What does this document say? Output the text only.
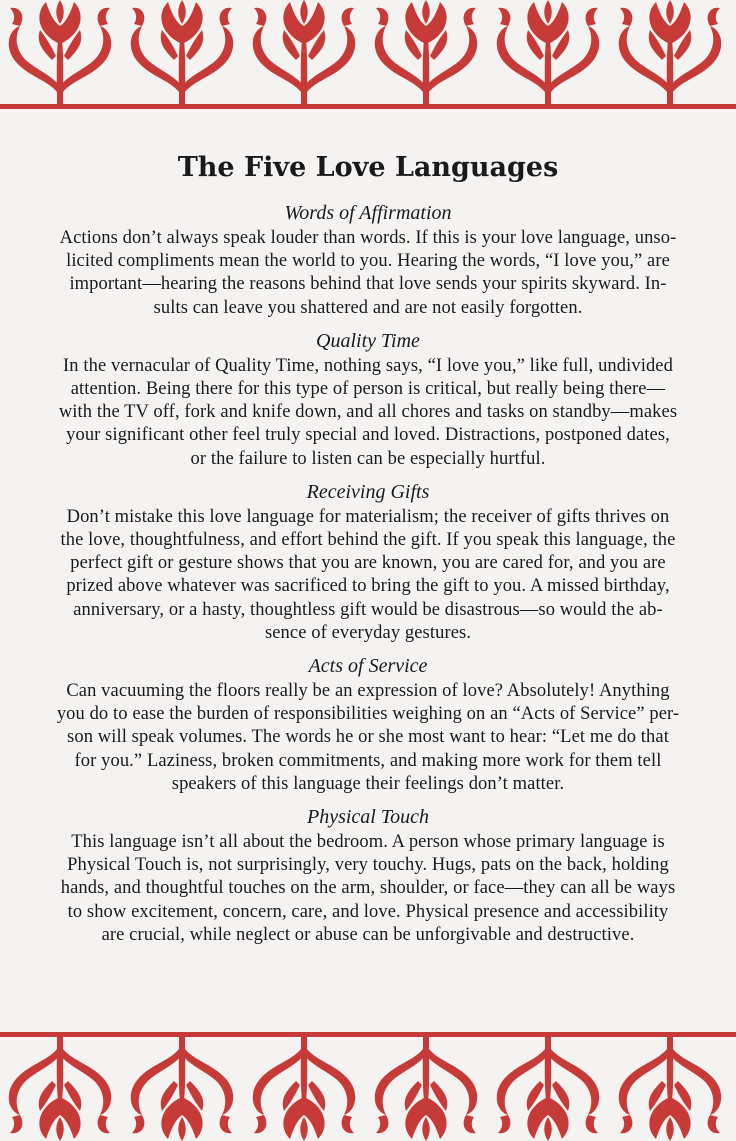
The Five Love Languages

Words of Affirmation

Actions don’t always speak louder than words. If this is your love language, unso-
licited compliments mean the world to you. Hearing the words, “I love you,” are
important—hearing the reasons behind that love sends your spirits skyward. In-
sults can leave you shattered and are not easily forgotten.

Quality Time

In the vernacular of Quality Time, nothing says, “I love you,” like full, undivided
attention. Being there for this type of person is critical, but really being there—
with the TV off, fork and knife down, and all chores and tasks on standby—makes
your significant other feel truly special and loved. Distractions, postponed dates,
or the failure to listen can be especially hurtful.

Receiving Gifts

Don’t mistake this love language for materialism; the receiver of gifts thrives on
the love, thoughtfulness, and effort behind the gift. If you speak this language, the
perfect gift or gesture shows that you are known, you are cared for, and you are
prized above whatever was sacrificed to bring the gift to you. A missed birthday,
anniversary, or a hasty, thoughtless gift would be disastrous—so would the ab-
sence of everyday gestures.

Acts of Service

Can vacuuming the floors really be an expression of love? Absolutely! Anything
you do to ease the burden of responsibilities weighing on an “Acts of Service” per-
son will speak volumes. The words he or she most want to hear: “Let me do that
for you.” Laziness, broken commitments, and making more work for them tell
speakers of this language their feelings don’t matter.

Physical Touch

This language isn’t all about the bedroom. A person whose primary language is
Physical Touch is, not surprisingly, very touchy. Hugs, pats on the back, holding
hands, and thoughtful touches on the arm, shoulder, or face—they can all be ways
to show excitement, concern, care, and love. Physical presence and accessibility
are crucial, while neglect or abuse can be unforgivable and destructive.
